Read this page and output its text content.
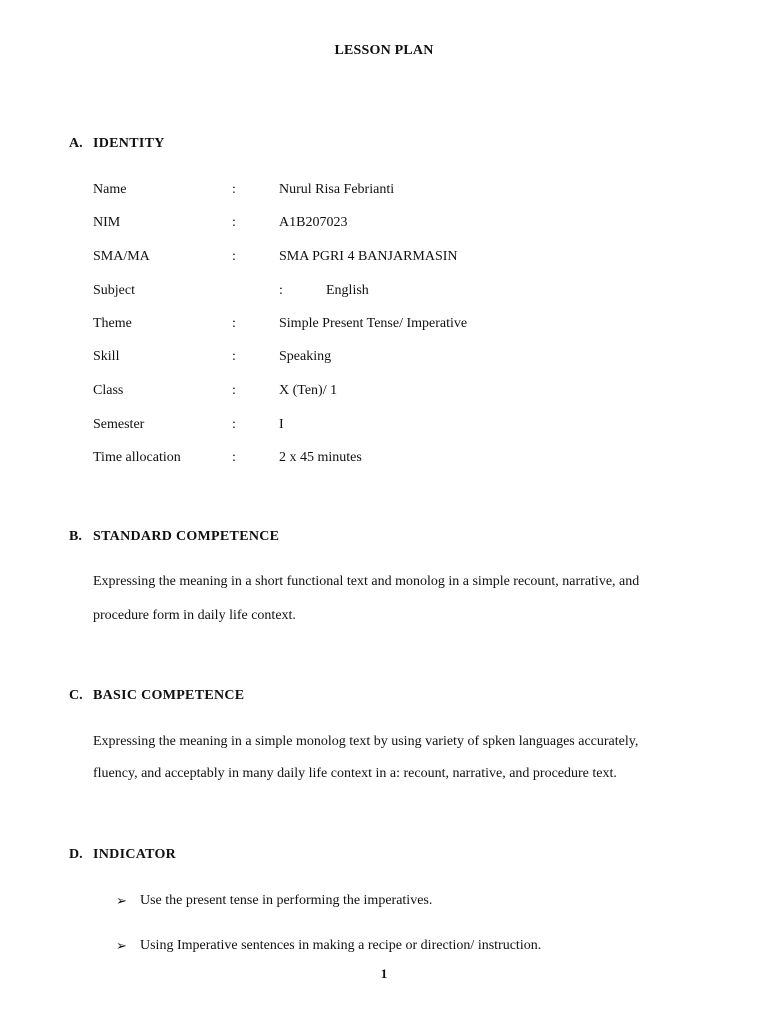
LESSON PLAN
A. IDENTITY
Name	:	Nurul Risa Febrianti
NIM	:	A1B207023
SMA/MA	:	SMA PGRI 4 BANJARMASIN
Subject	:	English
Theme	:	Simple Present Tense/ Imperative
Skill	:	Speaking
Class	:	X (Ten)/ 1
Semester	:	I
Time allocation	:	2 x 45 minutes
B. STANDARD COMPETENCE
Expressing the meaning in a short functional text and monolog in a simple recount, narrative, and
procedure form in daily life context.
C. BASIC COMPETENCE
Expressing the meaning in a simple monolog text by using variety of spken languages accurately,
fluency, and acceptably in many daily life context in a: recount, narrative, and procedure text.
D. INDICATOR
➢ Use the present tense in performing the imperatives.
➢ Using Imperative sentences in making a recipe or direction/ instruction.
1
